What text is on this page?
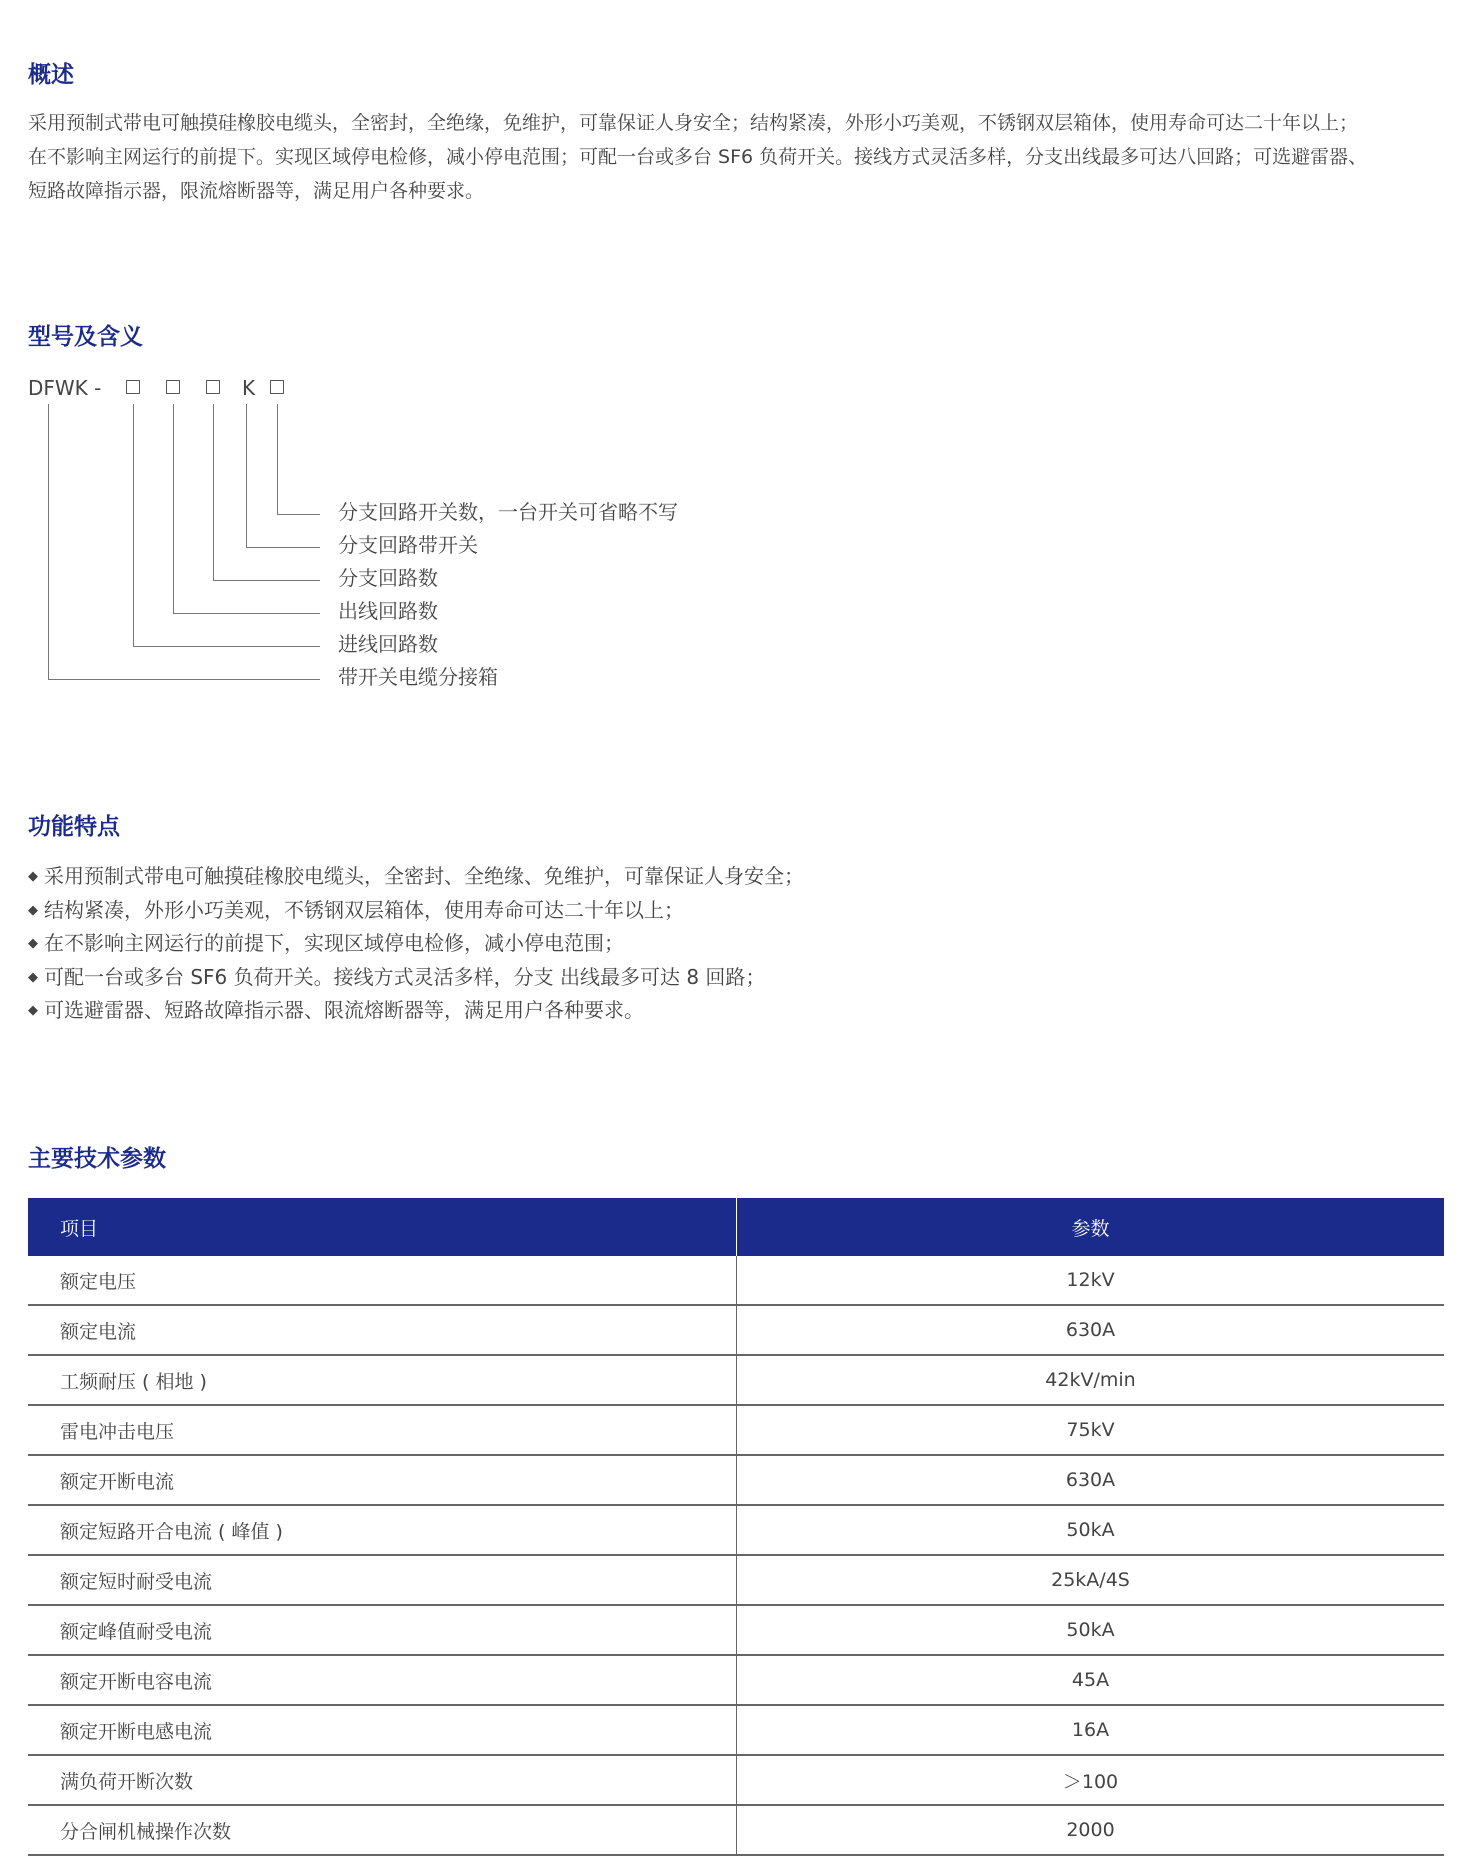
概述
采用预制式带电可触摸硅橡胶电缆头，全密封，全绝缘，免维护，可靠保证人身安全；结构紧凑，外形小巧美观，不锈钢双层箱体，使用寿命可达二十年以上；
在不影响主网运行的前提下。实现区域停电检修，减小停电范围；可配一台或多台 SF6 负荷开关。接线方式灵活多样，分支出线最多可达八回路；可选避雷器、
短路故障指示器，限流熔断器等，满足用户各种要求。
型号及含义
DFWK -	K
分支回路开关数，一台开关可省略不写
分支回路带开关
分支回路数
出线回路数
进线回路数
带开关电缆分接箱
功能特点
◆ 采用预制式带电可触摸硅橡胶电缆头，全密封、全绝缘、免维护，可靠保证人身安全；
◆ 结构紧凑，外形小巧美观，不锈钢双层箱体，使用寿命可达二十年以上；
◆ 在不影响主网运行的前提下，实现区域停电检修，减小停电范围；
◆ 可配一台或多台 SF6 负荷开关。接线方式灵活多样，分支 出线最多可达 8 回路；
◆ 可选避雷器、短路故障指示器、限流熔断器等，满足用户各种要求。
主要技术参数
项目	参数
额定电压	12kV
额定电流	630A
工频耐压 ( 相地 )	42kV/min
雷电冲击电压	75kV
额定开断电流	630A
额定短路开合电流 ( 峰值 )	50kA
额定短时耐受电流	25kA/4S
额定峰值耐受电流	50kA
额定开断电容电流	45A
额定开断电感电流	16A
满负荷开断次数	＞100
分合闸机械操作次数	2000
